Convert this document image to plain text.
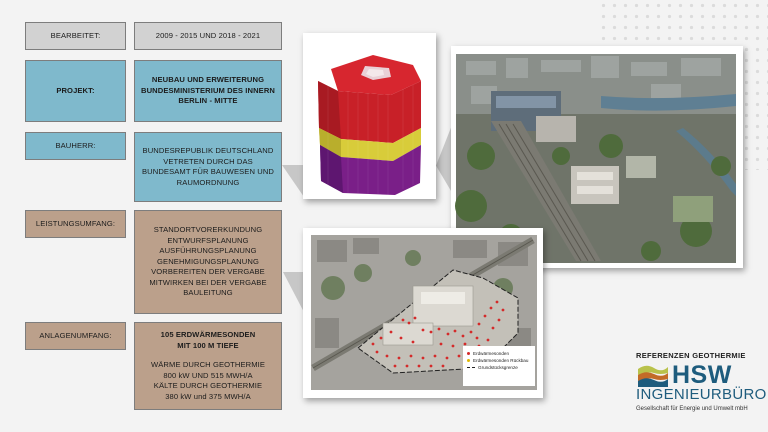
BEARBEITET:
PROJEKT:
BAUHERR:
LEISTUNGSUMFANG:
ANLAGENUMFANG:
2009 - 2015 UND 2018 - 2021
NEUBAU UND ERWEITERUNG
BUNDESMINISTERIUM DES INNERN
BERLIN - MITTE
BUNDESREPUBLIK DEUTSCHLAND
VETRETEN DURCH DAS
BUNDESAMT FÜR BAUWESEN UND
RAUMORDNUNG
STANDORTVORERKUNDUNG
ENTWURFSPLANUNG
AUSFÜHRUNGSPLANUNG
GENEHMIGUNGSPLANUNG
VORBEREITEN DER VERGABE
MITWIRKEN BEI DER VERGABE
BAULEITUNG
105 ERDWÄRMESONDEN
MIT 100 M TIEFE
WÄRME DURCH GEOTHERMIE
800 kW UND 515 MWH/A
KÄLTE DURCH GEOTHERMIE
380 kW und 375 MWH/A
Erdwärmesonden
Erdwärmesonden Rückbau
Grundstücksgrenze
REFERENZEN GEOTHERMIE
HSW
INGENIEURBÜRO
Gesellschaft für Energie und Umwelt mbH
